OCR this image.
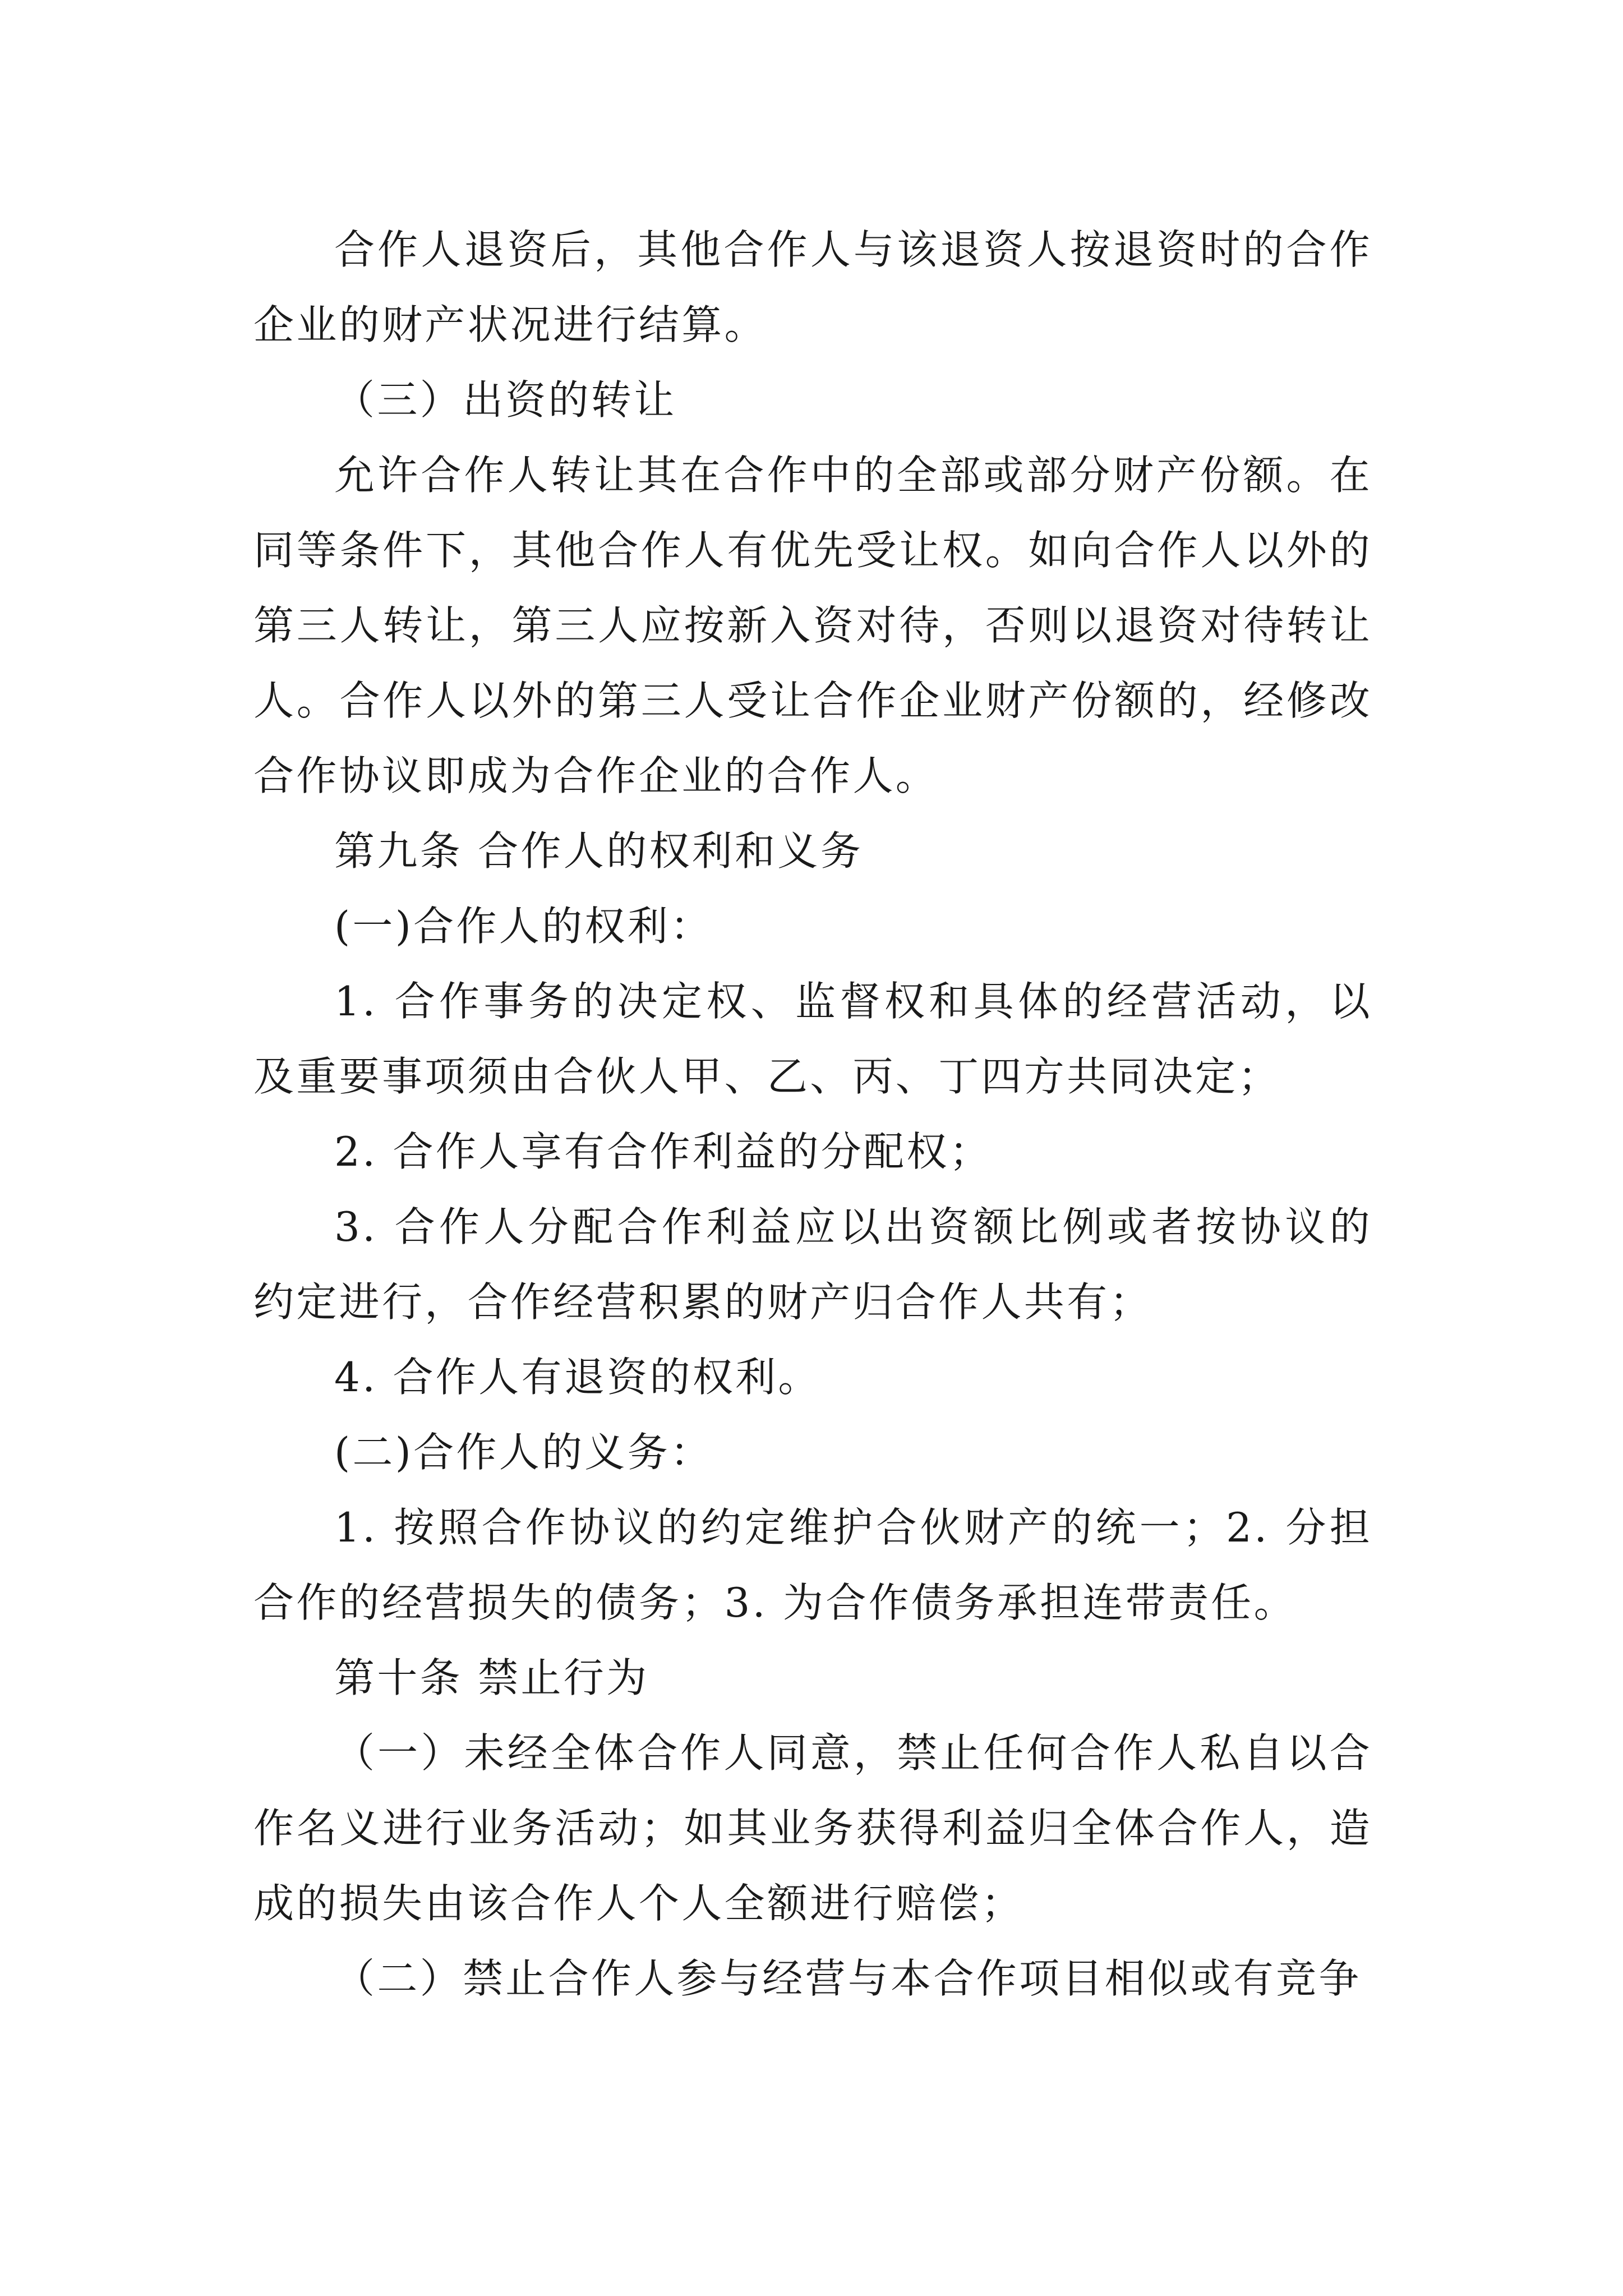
合作人退资后，其他合作人与该退资人按退资时的合作企业的财产状况进行结算。

（三）出资的转让

允许合作人转让其在合作中的全部或部分财产份额。在同等条件下，其他合作人有优先受让权。如向合作人以外的第三人转让，第三人应按新入资对待，否则以退资对待转让人。合作人以外的第三人受让合作企业财产份额的，经修改合作协议即成为合作企业的合作人。

第九条 合作人的权利和义务

(一)合作人的权利：

1. 合作事务的决定权、监督权和具体的经营活动，以及重要事项须由合伙人甲、乙、丙、丁四方共同决定；

2. 合作人享有合作利益的分配权；

3. 合作人分配合作利益应以出资额比例或者按协议的约定进行，合作经营积累的财产归合作人共有；

4. 合作人有退资的权利。

(二)合作人的义务：

1. 按照合作协议的约定维护合伙财产的统一；2. 分担合作的经营损失的债务；3. 为合作债务承担连带责任。

第十条 禁止行为

（一）未经全体合作人同意，禁止任何合作人私自以合作名义进行业务活动；如其业务获得利益归全体合作人，造成的损失由该合作人个人全额进行赔偿；

（二）禁止合作人参与经营与本合作项目相似或有竞争
